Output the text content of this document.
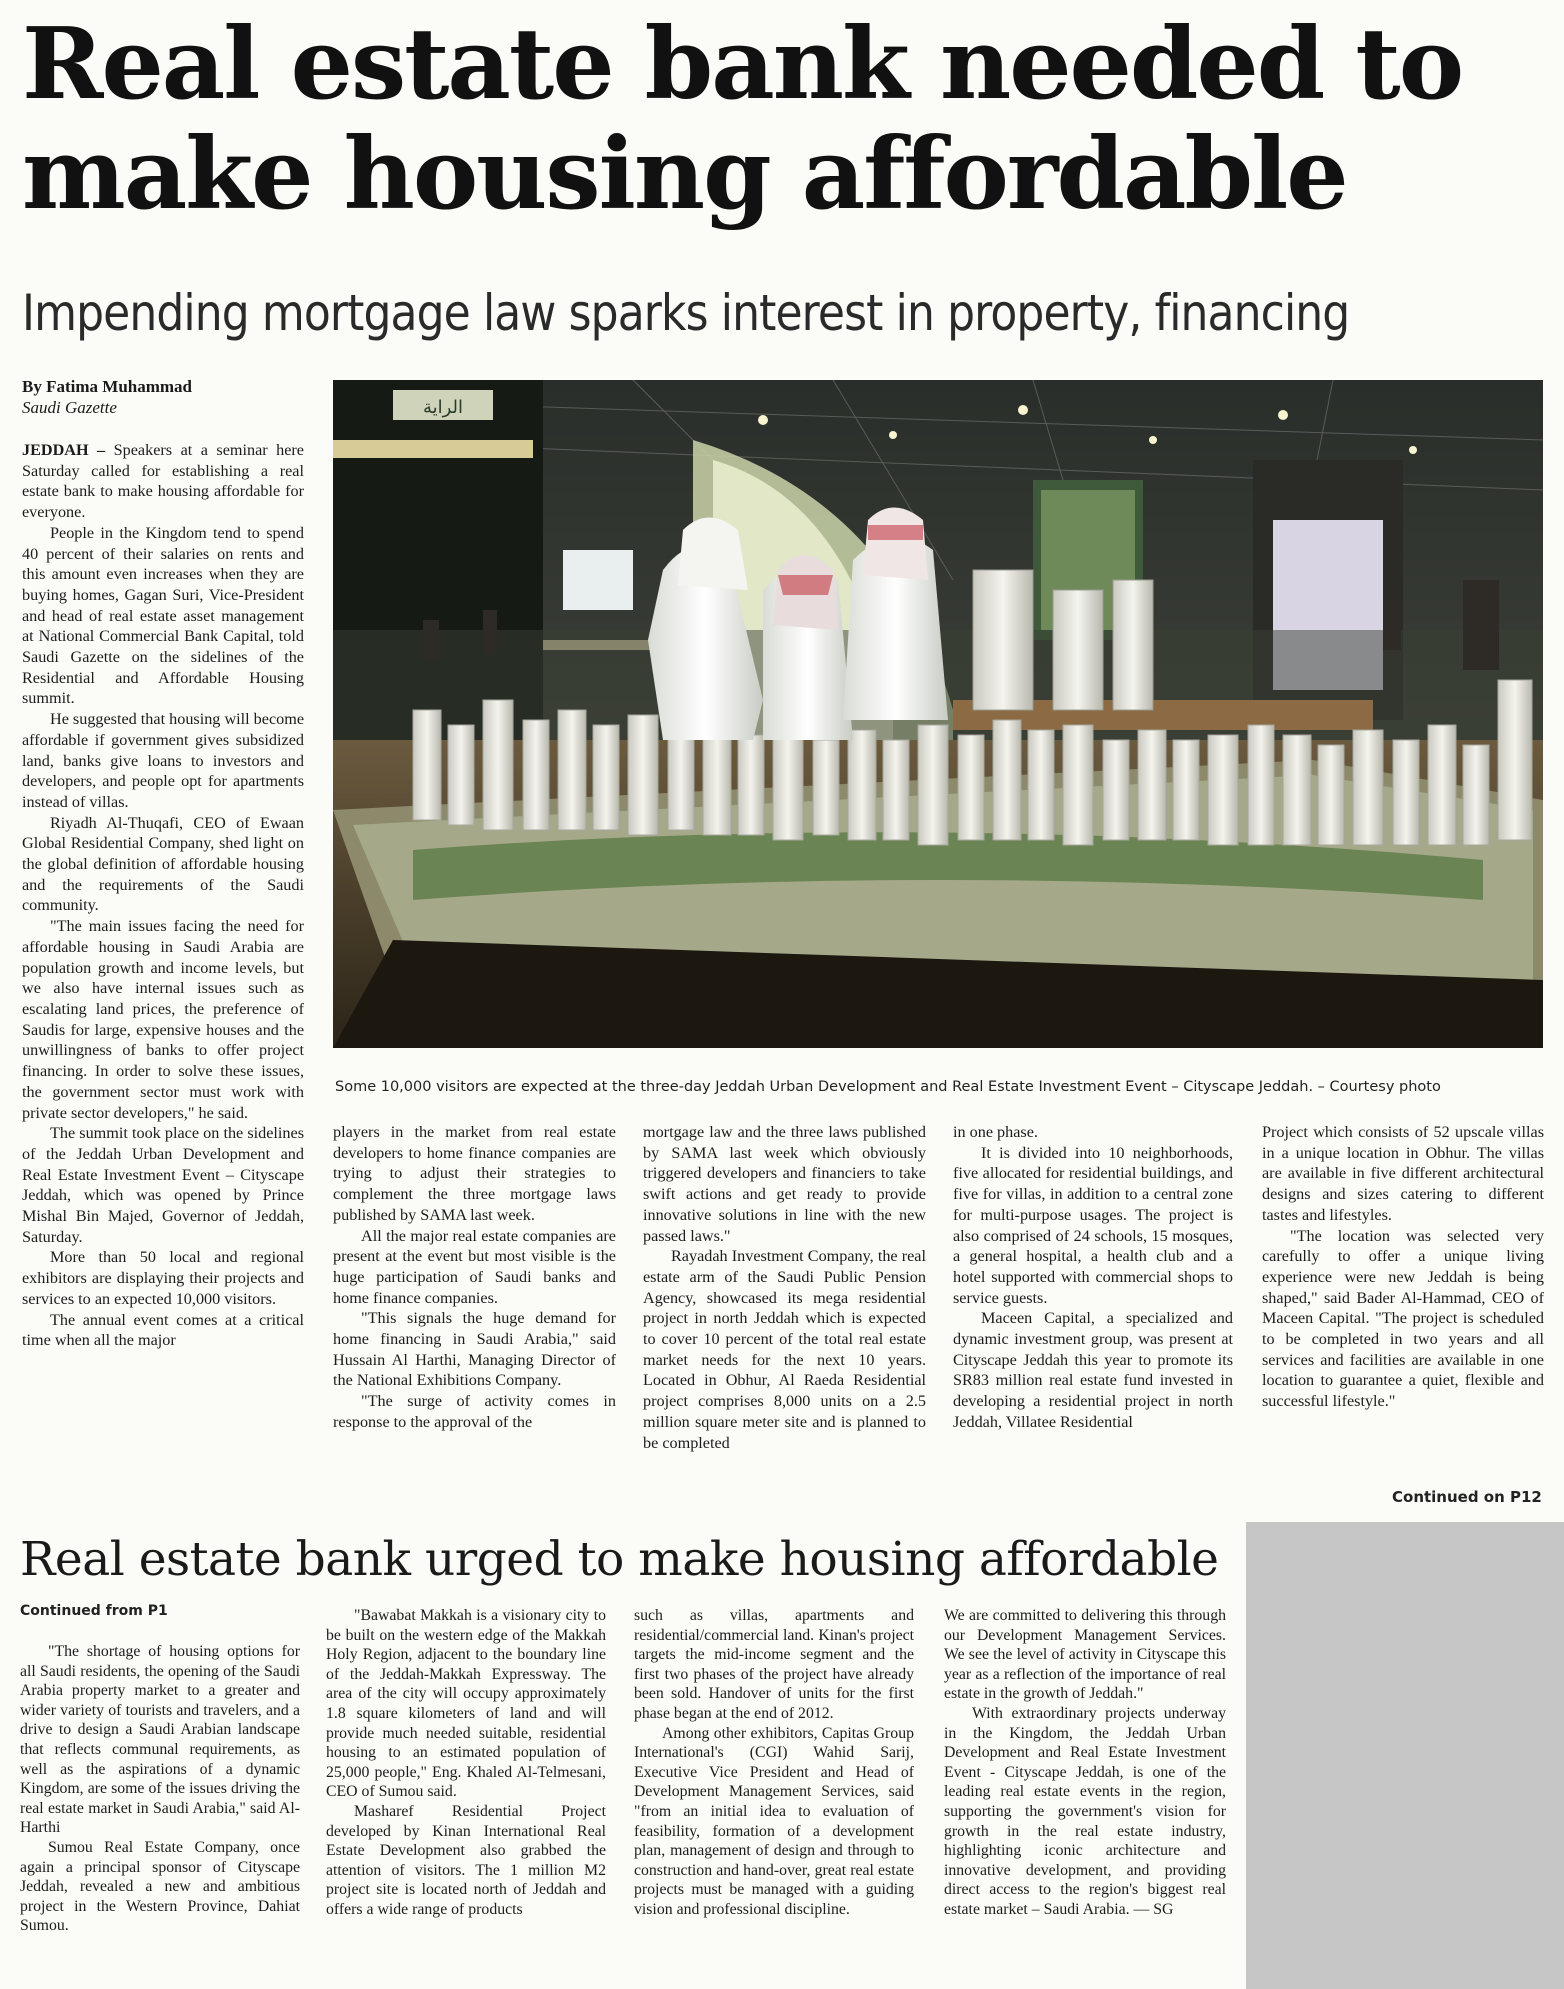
Real estate bank needed to
make housing affordable
Impending mortgage law sparks interest in property, financing
By Fatima Muhammad
Saudi Gazette

JEDDAH – Speakers at a seminar here Saturday called for establishing a real estate bank to make housing affordable for everyone.

People in the Kingdom tend to spend 40 percent of their salaries on rents and this amount even increases when they are buying homes, Gagan Suri, Vice-President and head of real estate asset management at National Commercial Bank Capital, told Saudi Gazette on the sidelines of the Residential and Affordable Housing summit.

He suggested that housing will become affordable if government gives subsidized land, banks give loans to investors and developers, and people opt for apartments instead of villas.

Riyadh Al-Thuqafi, CEO of Ewaan Global Residential Company, shed light on the global definition of affordable housing and the requirements of the Saudi community.

"The main issues facing the need for affordable housing in Saudi Arabia are population growth and income levels, but we also have internal issues such as escalating land prices, the preference of Saudis for large, expensive houses and the unwillingness of banks to offer project financing. In order to solve these issues, the government sector must work with private sector developers," he said.

The summit took place on the sidelines of the Jeddah Urban Development and Real Estate Investment Event – Cityscape Jeddah, which was opened by Prince Mishal Bin Majed, Governor of Jeddah, Saturday.

More than 50 local and regional exhibitors are displaying their projects and services to an expected 10,000 visitors.

The annual event comes at a critical time when all the major

الراية
Some 10,000 visitors are expected at the three-day Jeddah Urban Development and Real Estate Investment Event – Cityscape Jeddah. – Courtesy photo

players in the market from real estate developers to home finance companies are trying to adjust their strategies to complement the three mortgage laws published by SAMA last week.

All the major real estate companies are present at the event but most visible is the huge participation of Saudi banks and home finance companies.

"This signals the huge demand for home financing in Saudi Arabia," said Hussain Al Harthi, Managing Director of the National Exhibitions Company.

"The surge of activity comes in response to the approval of the

mortgage law and the three laws published by SAMA last week which obviously triggered developers and financiers to take swift actions and get ready to provide innovative solutions in line with the new passed laws."

Rayadah Investment Company, the real estate arm of the Saudi Public Pension Agency, showcased its mega residential project in north Jeddah which is expected to cover 10 percent of the total real estate market needs for the next 10 years. Located in Obhur, Al Raeda Residential project comprises 8,000 units on a 2.5 million square meter site and is planned to be completed

in one phase.

It is divided into 10 neighborhoods, five allocated for residential buildings, and five for villas, in addition to a central zone for multi-purpose usages. The project is also comprised of 24 schools, 15 mosques, a general hospital, a health club and a hotel supported with commercial shops to service guests.

Maceen Capital, a specialized and dynamic investment group, was present at Cityscape Jeddah this year to promote its SR83 million real estate fund invested in developing a residential project in north Jeddah, Villatee Residential

Project which consists of 52 upscale villas in a unique location in Obhur. The villas are available in five different architectural designs and sizes catering to different tastes and lifestyles.

"The location was selected very carefully to offer a unique living experience were new Jeddah is being shaped," said Bader Al-Hammad, CEO of Maceen Capital. "The project is scheduled to be completed in two years and all services and facilities are available in one location to guarantee a quiet, flexible and successful lifestyle."

Continued on P12
Real estate bank urged to make housing affordable
Continued from P1

"The shortage of housing options for all Saudi residents, the opening of the Saudi Arabia property market to a greater and wider variety of tourists and travelers, and a drive to design a Saudi Arabian landscape that reflects communal requirements, as well as the aspirations of a dynamic Kingdom, are some of the issues driving the real estate market in Saudi Arabia," said Al-Harthi

Sumou Real Estate Company, once again a principal sponsor of Cityscape Jeddah, revealed a new and ambitious project in the Western Province, Dahiat Sumou.

"Bawabat Makkah is a visionary city to be built on the western edge of the Makkah Holy Region, adjacent to the boundary line of the Jeddah-Makkah Expressway. The area of the city will occupy approximately 1.8 square kilometers of land and will provide much needed suitable, residential housing to an estimated population of 25,000 people," Eng. Khaled Al-Telmesani, CEO of Sumou said.

Masharef Residential Project developed by Kinan International Real Estate Development also grabbed the attention of visitors. The 1 million M2 project site is located north of Jeddah and offers a wide range of products

such as villas, apartments and residential/commercial land. Kinan's project targets the mid-income segment and the first two phases of the project have already been sold. Handover of units for the first phase began at the end of 2012.

Among other exhibitors, Capitas Group International's (CGI) Wahid Sarij, Executive Vice President and Head of Development Management Services, said "from an initial idea to evaluation of feasibility, formation of a development plan, management of design and through to construction and hand-over, great real estate projects must be managed with a guiding vision and professional discipline.

We are committed to delivering this through our Development Management Services. We see the level of activity in Cityscape this year as a reflection of the importance of real estate in the growth of Jeddah."

With extraordinary projects underway in the Kingdom, the Jeddah Urban Development and Real Estate Investment Event - Cityscape Jeddah, is one of the leading real estate events in the region, supporting the government's vision for growth in the real estate industry, highlighting iconic architecture and innovative development, and providing direct access to the region's biggest real estate market – Saudi Arabia. — SG
